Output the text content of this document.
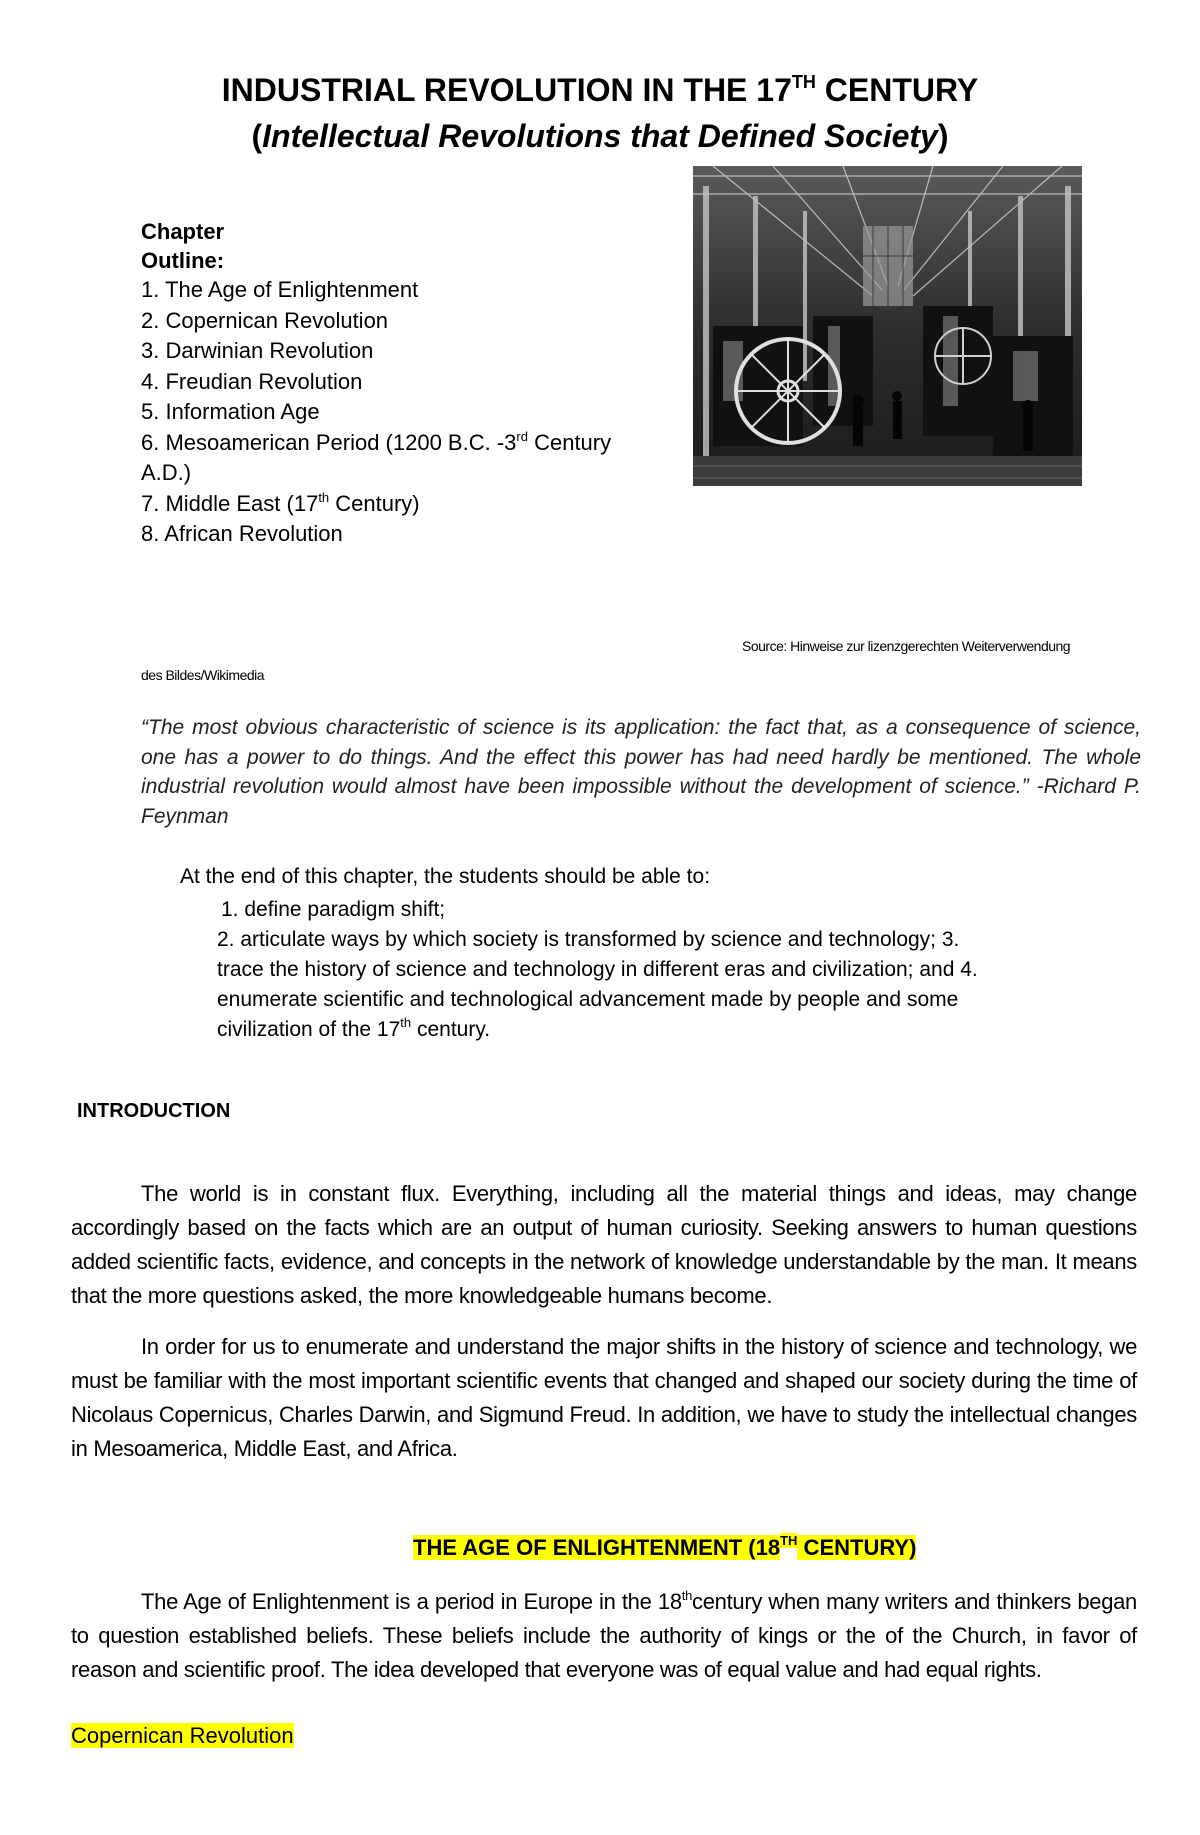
INDUSTRIAL REVOLUTION IN THE 17TH CENTURY
(Intellectual Revolutions that Defined Society)
Chapter
Outline:
1. The Age of Enlightenment
2. Copernican Revolution
3. Darwinian Revolution
4. Freudian Revolution
5. Information Age
6. Mesoamerican Period (1200 B.C. -3rd Century
A.D.)
7. Middle East (17th Century)
8. African Revolution
Source: Hinweise zur lizenzgerechten Weiterverwendung
des Bildes/Wikimedia
“The most obvious characteristic of science is its application: the fact that, as a consequence of science, one has a power to do things. And the effect this power has had need hardly be mentioned. The whole industrial revolution would almost have been impossible without the development of science.” -Richard P. Feynman
At the end of this chapter, the students should be able to:
1. define paradigm shift;
2. articulate ways by which society is transformed by science and technology; 3.
trace the history of science and technology in different eras and civilization; and 4.
enumerate scientific and technological advancement made by people and some
civilization of the 17th century.
INTRODUCTION
The world is in constant flux. Everything, including all the material things and ideas, may change accordingly based on the facts which are an output of human curiosity. Seeking answers to human questions added scientific facts, evidence, and concepts in the network of knowledge understandable by the man. It means that the more questions asked, the more knowledgeable humans become.
In order for us to enumerate and understand the major shifts in the history of science and technology, we must be familiar with the most important scientific events that changed and shaped our society during the time of Nicolaus Copernicus, Charles Darwin, and Sigmund Freud. In addition, we have to study the intellectual changes in Mesoamerica, Middle East, and Africa.
THE AGE OF ENLIGHTENMENT (18TH CENTURY)
The Age of Enlightenment is a period in Europe in the 18thcentury when many writers and thinkers began to question established beliefs. These beliefs include the authority of kings or the of the Church, in favor of reason and scientific proof. The idea developed that everyone was of equal value and had equal rights.
Copernican Revolution
